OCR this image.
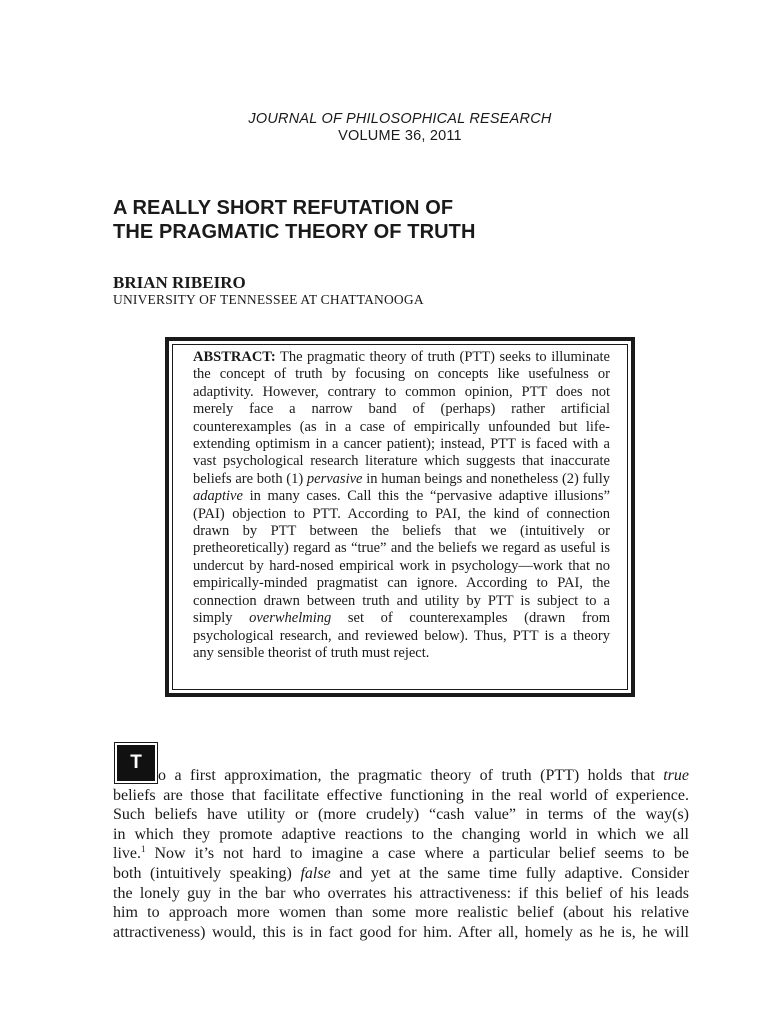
JOURNAL OF PHILOSOPHICAL RESEARCH
VOLUME 36, 2011
A REALLY SHORT REFUTATION OF
THE PRAGMATIC THEORY OF TRUTH
BRIAN RIBEIRO
UNIVERSITY OF TENNESSEE AT CHATTANOOGA
ABSTRACT: The pragmatic theory of truth (PTT) seeks to illuminate the concept of truth by focusing on concepts like usefulness or adaptivity. However, contrary to common opinion, PTT does not merely face a narrow band of (perhaps) rather artificial counterexamples (as in a case of empirically unfounded but life-extending optimism in a cancer patient); instead, PTT is faced with a vast psychological research literature which suggests that inaccurate beliefs are both (1) pervasive in human beings and nonetheless (2) fully adaptive in many cases. Call this the “pervasive adaptive illusions” (PAI) objection to PTT. According to PAI, the kind of connection drawn by PTT between the beliefs that we (intuitively or pretheoretically) regard as “true” and the beliefs we regard as useful is undercut by hard-nosed empirical work in psychology—work that no empirically-minded pragmatist can ignore. According to PAI, the connection drawn between truth and utility by PTT is subject to a simply overwhelming set of counterexamples (drawn from psychological research, and reviewed below). Thus, PTT is a theory any sensible theorist of truth must reject.
T
o a first approximation, the pragmatic theory of truth (PTT) holds that true
beliefs are those that facilitate effective functioning in the real world of experience.
Such beliefs have utility or (more crudely) “cash value” in terms of the way(s)
in which they promote adaptive reactions to the changing world in which we all
live.$^1$ Now it’s not hard to imagine a case where a particular belief seems to be
both (intuitively speaking) false and yet at the same time fully adaptive. Consider
the lonely guy in the bar who overrates his attractiveness: if this belief of his leads
him to approach more women than some more realistic belief (about his relative
attractiveness) would, this is in fact good for him. After all, homely as he is, he will
